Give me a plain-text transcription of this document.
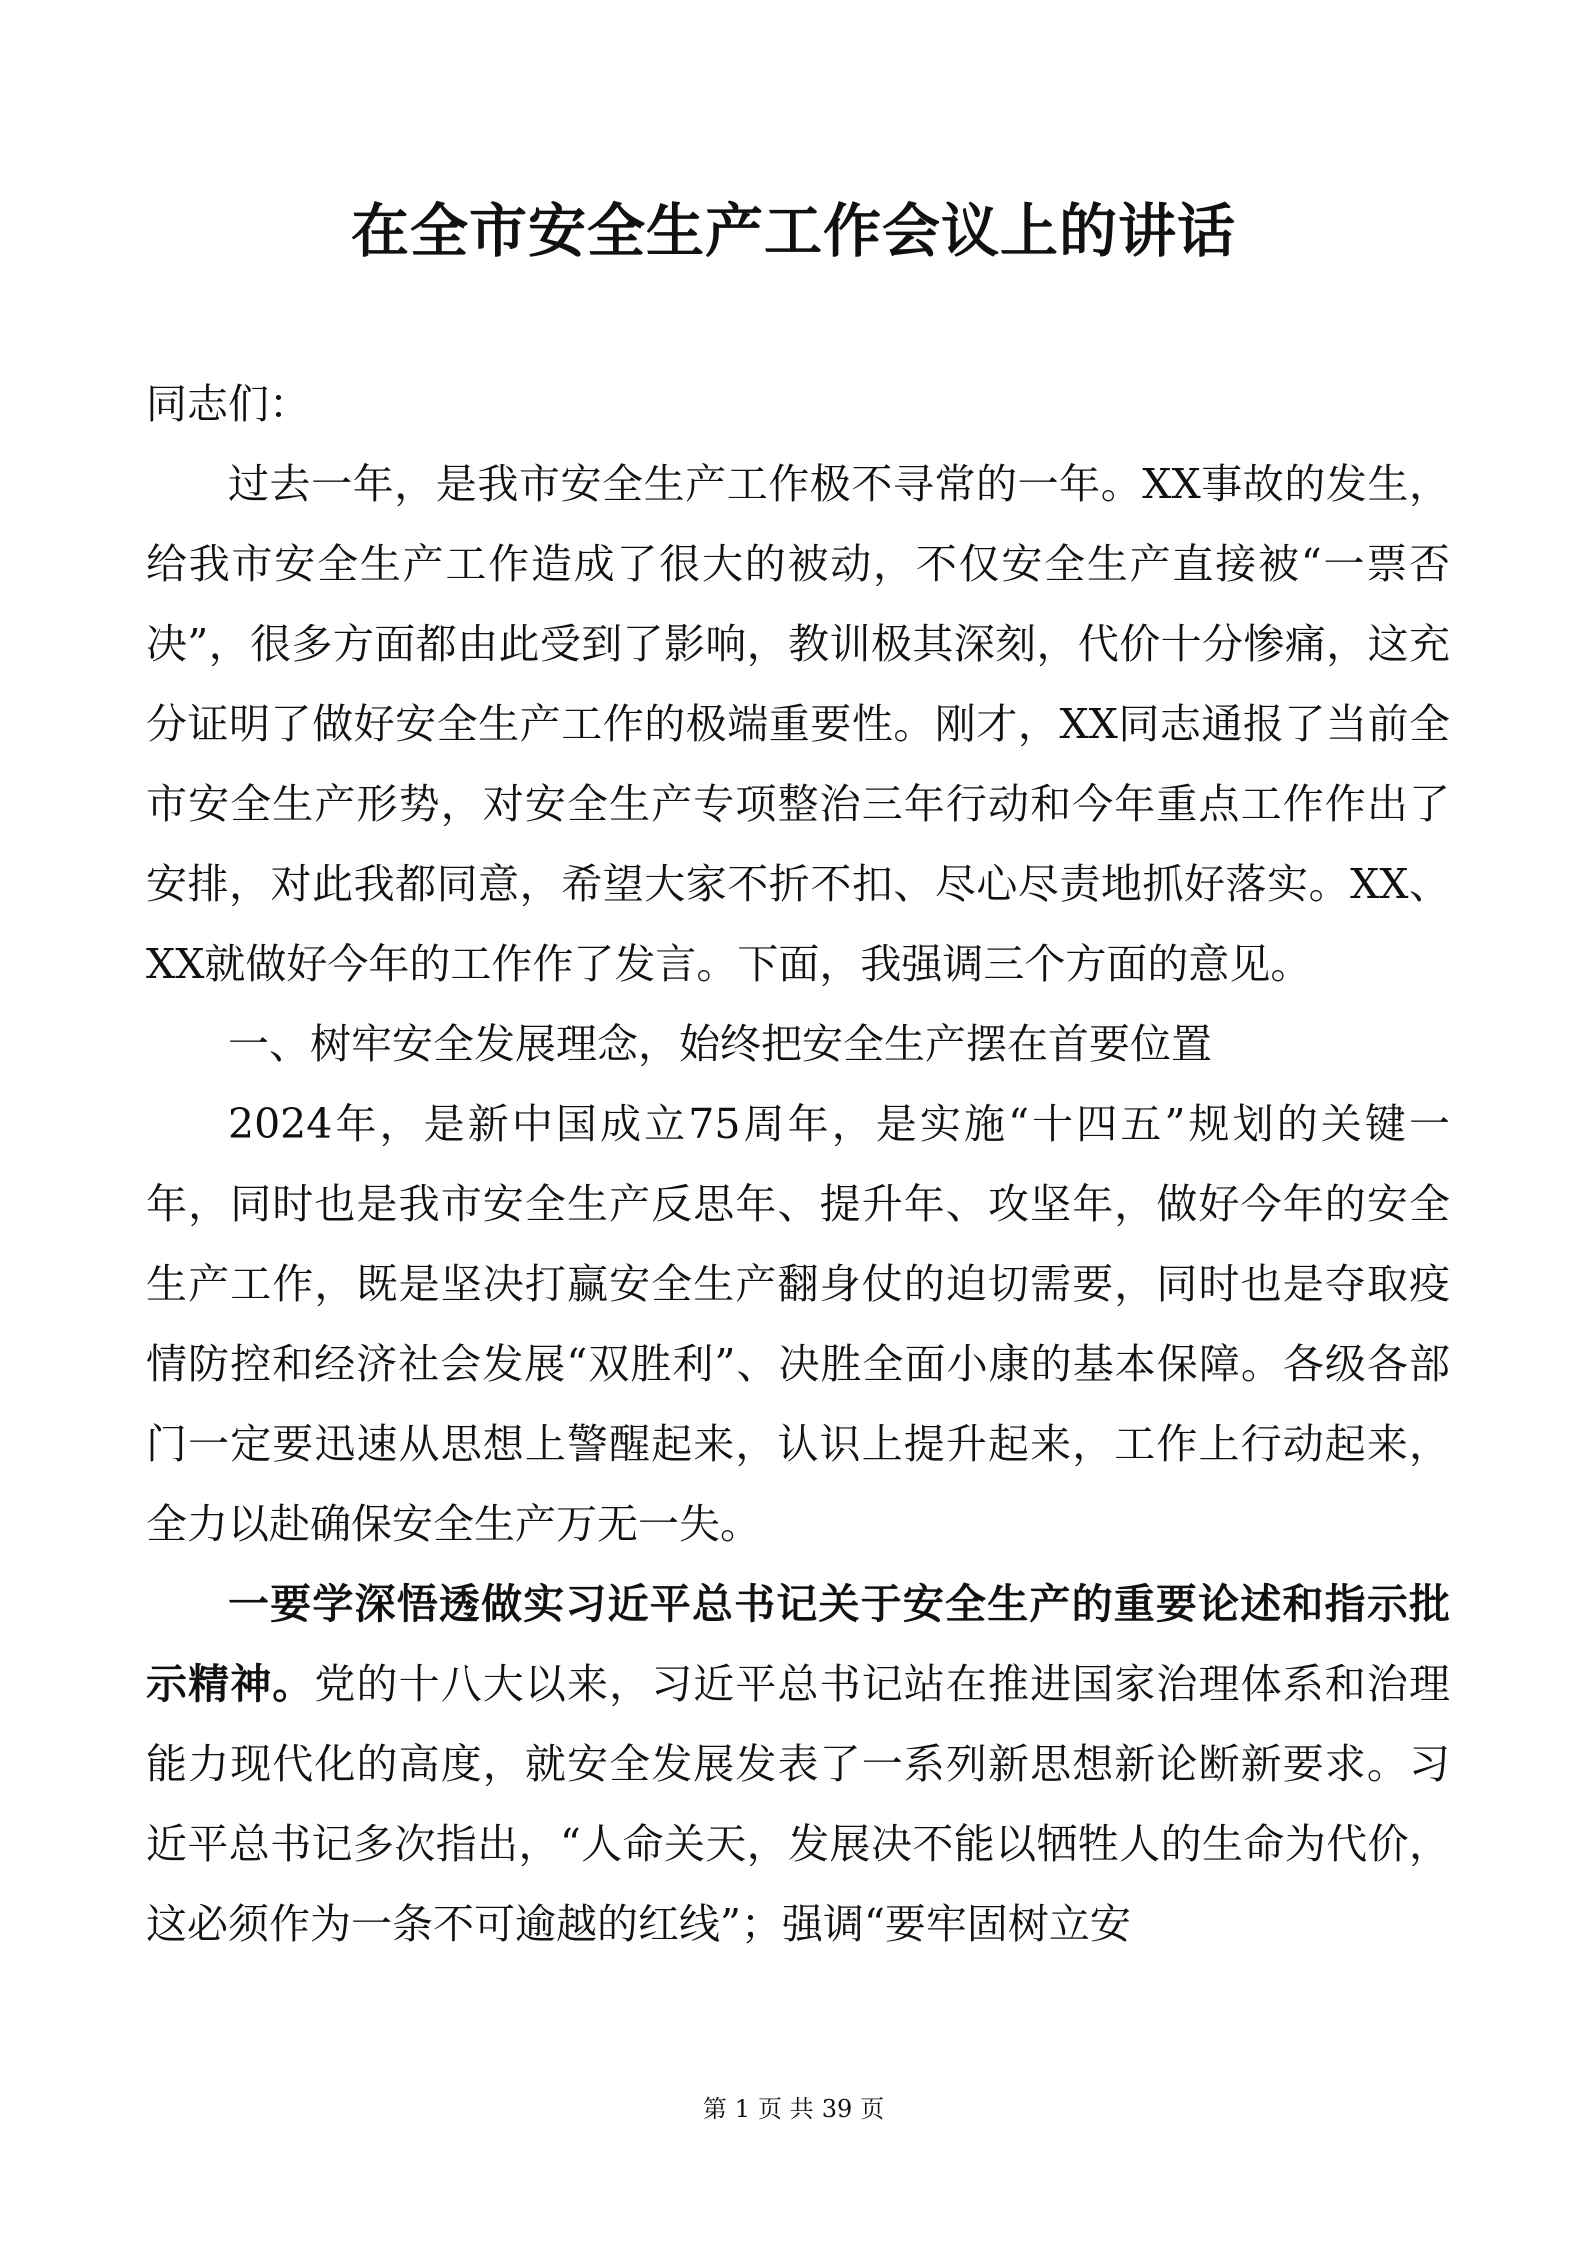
在全市安全生产工作会议上的讲话

同志们：

过去一年，是我市安全生产工作极不寻常的一年。XX事故的发生，给我市安全生产工作造成了很大的被动，不仅安全生产直接被“一票否决”，很多方面都由此受到了影响，教训极其深刻，代价十分惨痛，这充分证明了做好安全生产工作的极端重要性。刚才，XX同志通报了当前全市安全生产形势，对安全生产专项整治三年行动和今年重点工作作出了安排，对此我都同意，希望大家不折不扣、尽心尽责地抓好落实。XX、XX就做好今年的工作作了发言。下面，我强调三个方面的意见。

一、树牢安全发展理念，始终把安全生产摆在首要位置

2024年，是新中国成立75周年，是实施“十四五”规划的关键一年，同时也是我市安全生产反思年、提升年、攻坚年，做好今年的安全生产工作，既是坚决打赢安全生产翻身仗的迫切需要，同时也是夺取疫情防控和经济社会发展“双胜利”、决胜全面小康的基本保障。各级各部门一定要迅速从思想上警醒起来，认识上提升起来，工作上行动起来，全力以赴确保安全生产万无一失。

一要学深悟透做实习近平总书记关于安全生产的重要论述和指示批示精神。党的十八大以来，习近平总书记站在推进国家治理体系和治理能力现代化的高度，就安全发展发表了一系列新思想新论断新要求。习近平总书记多次指出，“人命关天，发展决不能以牺牲人的生命为代价，这必须作为一条不可逾越的红线”；强调“要牢固树立安

第 1 页 共 39 页
